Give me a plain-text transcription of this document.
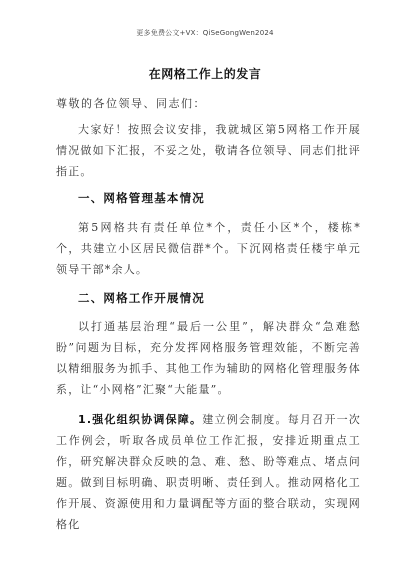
更多免费公文+VX：QiSeGongWen2024
在网格工作上的发言
尊敬的各位领导、同志们：
大家好！按照会议安排，我就城区第5网格工作开展情况做如下汇报，不妥之处，敬请各位领导、同志们批评指正。
一、网格管理基本情况
第5网格共有责任单位*个，责任小区*个，楼栋*个，共建立小区居民微信群*个。下沉网格责任楼宇单元领导干部*余人。
二、网格工作开展情况
以打通基层治理“最后一公里”，解决群众“急难愁盼”问题为目标，充分发挥网格服务管理效能，不断完善以精细服务为抓手、其他工作为辅助的网格化管理服务体系，让“小网格”汇聚“大能量”。
1.强化组织协调保障。建立例会制度。每月召开一次工作例会，听取各成员单位工作汇报，安排近期重点工作，研究解决群众反映的急、难、愁、盼等难点、堵点问题。做到目标明确、职责明晰、责任到人。推动网格化工作开展、资源使用和力量调配等方面的整合联动，实现网格化
